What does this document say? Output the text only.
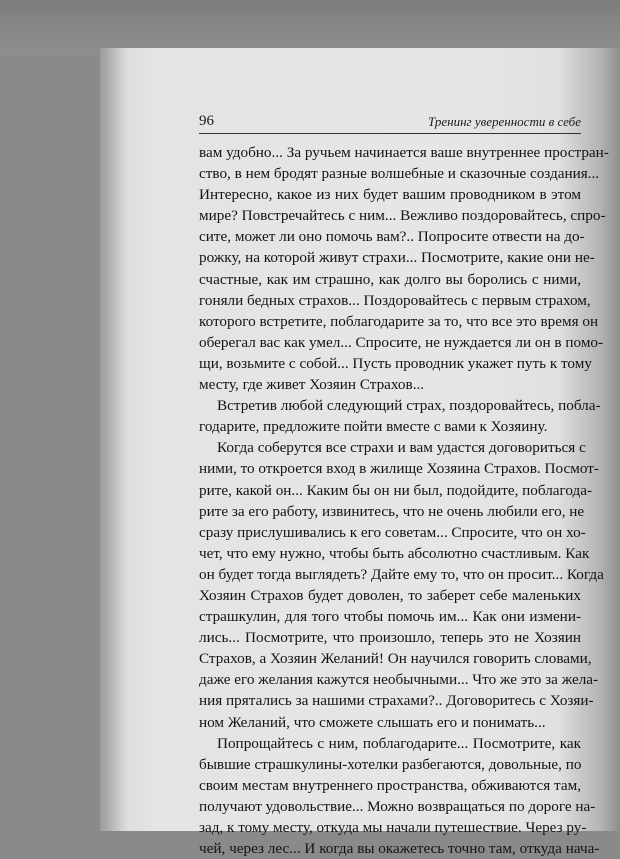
96	Тренинг уверенности в себе

вам удобно... За ручьем начинается ваше внутреннее простран-
ство, в нем бродят разные волшебные и сказочные создания...
Интересно, какое из них будет вашим проводником в этом
мире? Повстречайтесь с ним... Вежливо поздоровайтесь, спро-
сите, может ли оно помочь вам?.. Попросите отвести на до-
рожку, на которой живут страхи... Посмотрите, какие они не-
счастные, как им страшно, как долго вы боролись с ними,
гоняли бедных страхов... Поздоровайтесь с первым страхом,
которого встретите, поблагодарите за то, что все это время он
оберегал вас как умел... Спросите, не нуждается ли он в помо-
щи, возьмите с собой... Пусть проводник укажет путь к тому
месту, где живет Хозяин Страхов...

Встретив любой следующий страх, поздоровайтесь, побла-
годарите, предложите пойти вместе с вами к Хозяину.

Когда соберутся все страхи и вам удастся договориться с
ними, то откроется вход в жилище Хозяина Страхов. Посмот-
рите, какой он... Каким бы он ни был, подойдите, поблагода-
рите за его работу, извинитесь, что не очень любили его, не
сразу прислушивались к его советам... Спросите, что он хо-
чет, что ему нужно, чтобы быть абсолютно счастливым. Как
он будет тогда выглядеть? Дайте ему то, что он просит... Когда
Хозяин Страхов будет доволен, то заберет себе маленьких
страшкулин, для того чтобы помочь им... Как они измени-
лись... Посмотрите, что произошло, теперь это не Хозяин
Страхов, а Хозяин Желаний! Он научился говорить словами,
даже его желания кажутся необычными... Что же это за жела-
ния прятались за нашими страхами?.. Договоритесь с Хозяи-
ном Желаний, что сможете слышать его и понимать...

Попрощайтесь с ним, поблагодарите... Посмотрите, как
бывшие страшкулины-хотелки разбегаются, довольные, по
своим местам внутреннего пространства, обживаются там,
получают удовольствие... Можно возвращаться по дороге на-
зад, к тому месту, откуда мы начали путешествие. Через ру-
чей, через лес... И когда вы окажетесь точно там, откуда нача-
